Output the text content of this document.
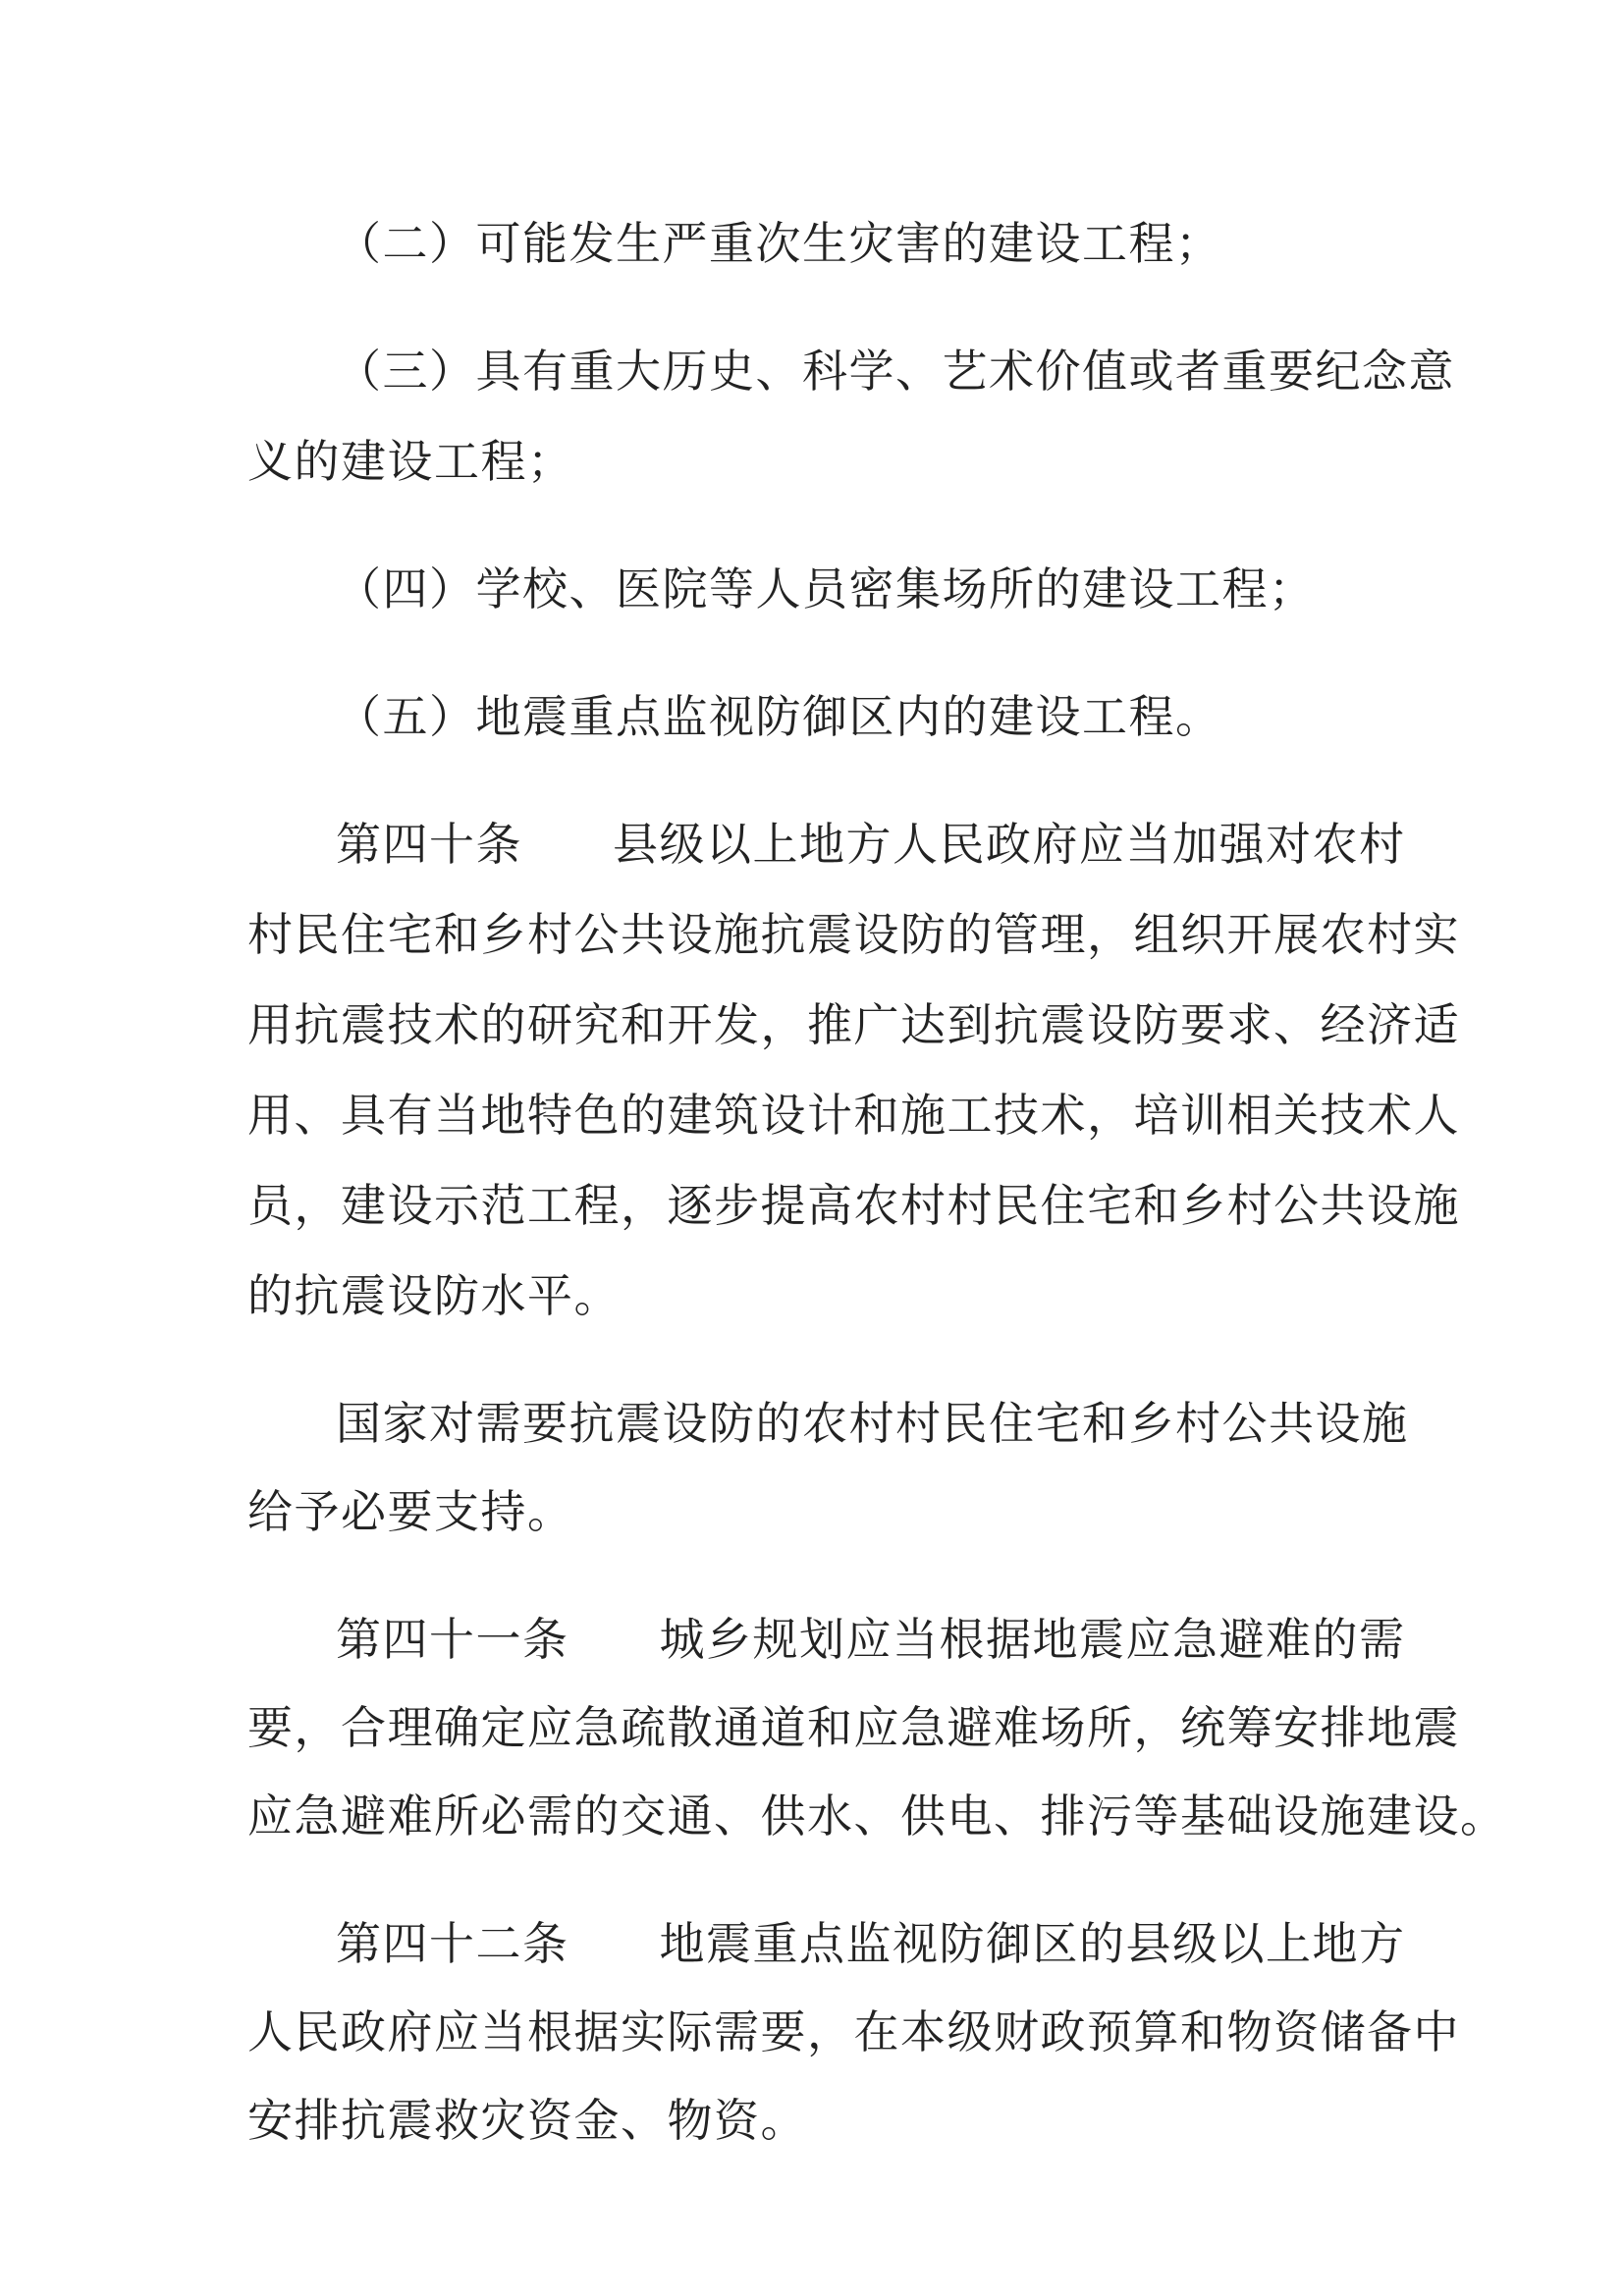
（二）可能发生严重次生灾害的建设工程；
（三）具有重大历史、科学、艺术价值或者重要纪念意
义的建设工程；
（四）学校、医院等人员密集场所的建设工程；
（五）地震重点监视防御区内的建设工程。
第四十条 县级以上地方人民政府应当加强对农村
村民住宅和乡村公共设施抗震设防的管理，组织开展农村实
用抗震技术的研究和开发，推广达到抗震设防要求、经济适
用、具有当地特色的建筑设计和施工技术，培训相关技术人
员，建设示范工程，逐步提高农村村民住宅和乡村公共设施
的抗震设防水平。
国家对需要抗震设防的农村村民住宅和乡村公共设施
给予必要支持。
第四十一条 城乡规划应当根据地震应急避难的需
要，合理确定应急疏散通道和应急避难场所，统筹安排地震
应急避难所必需的交通、供水、供电、排污等基础设施建设。
第四十二条 地震重点监视防御区的县级以上地方
人民政府应当根据实际需要，在本级财政预算和物资储备中
安排抗震救灾资金、物资。
